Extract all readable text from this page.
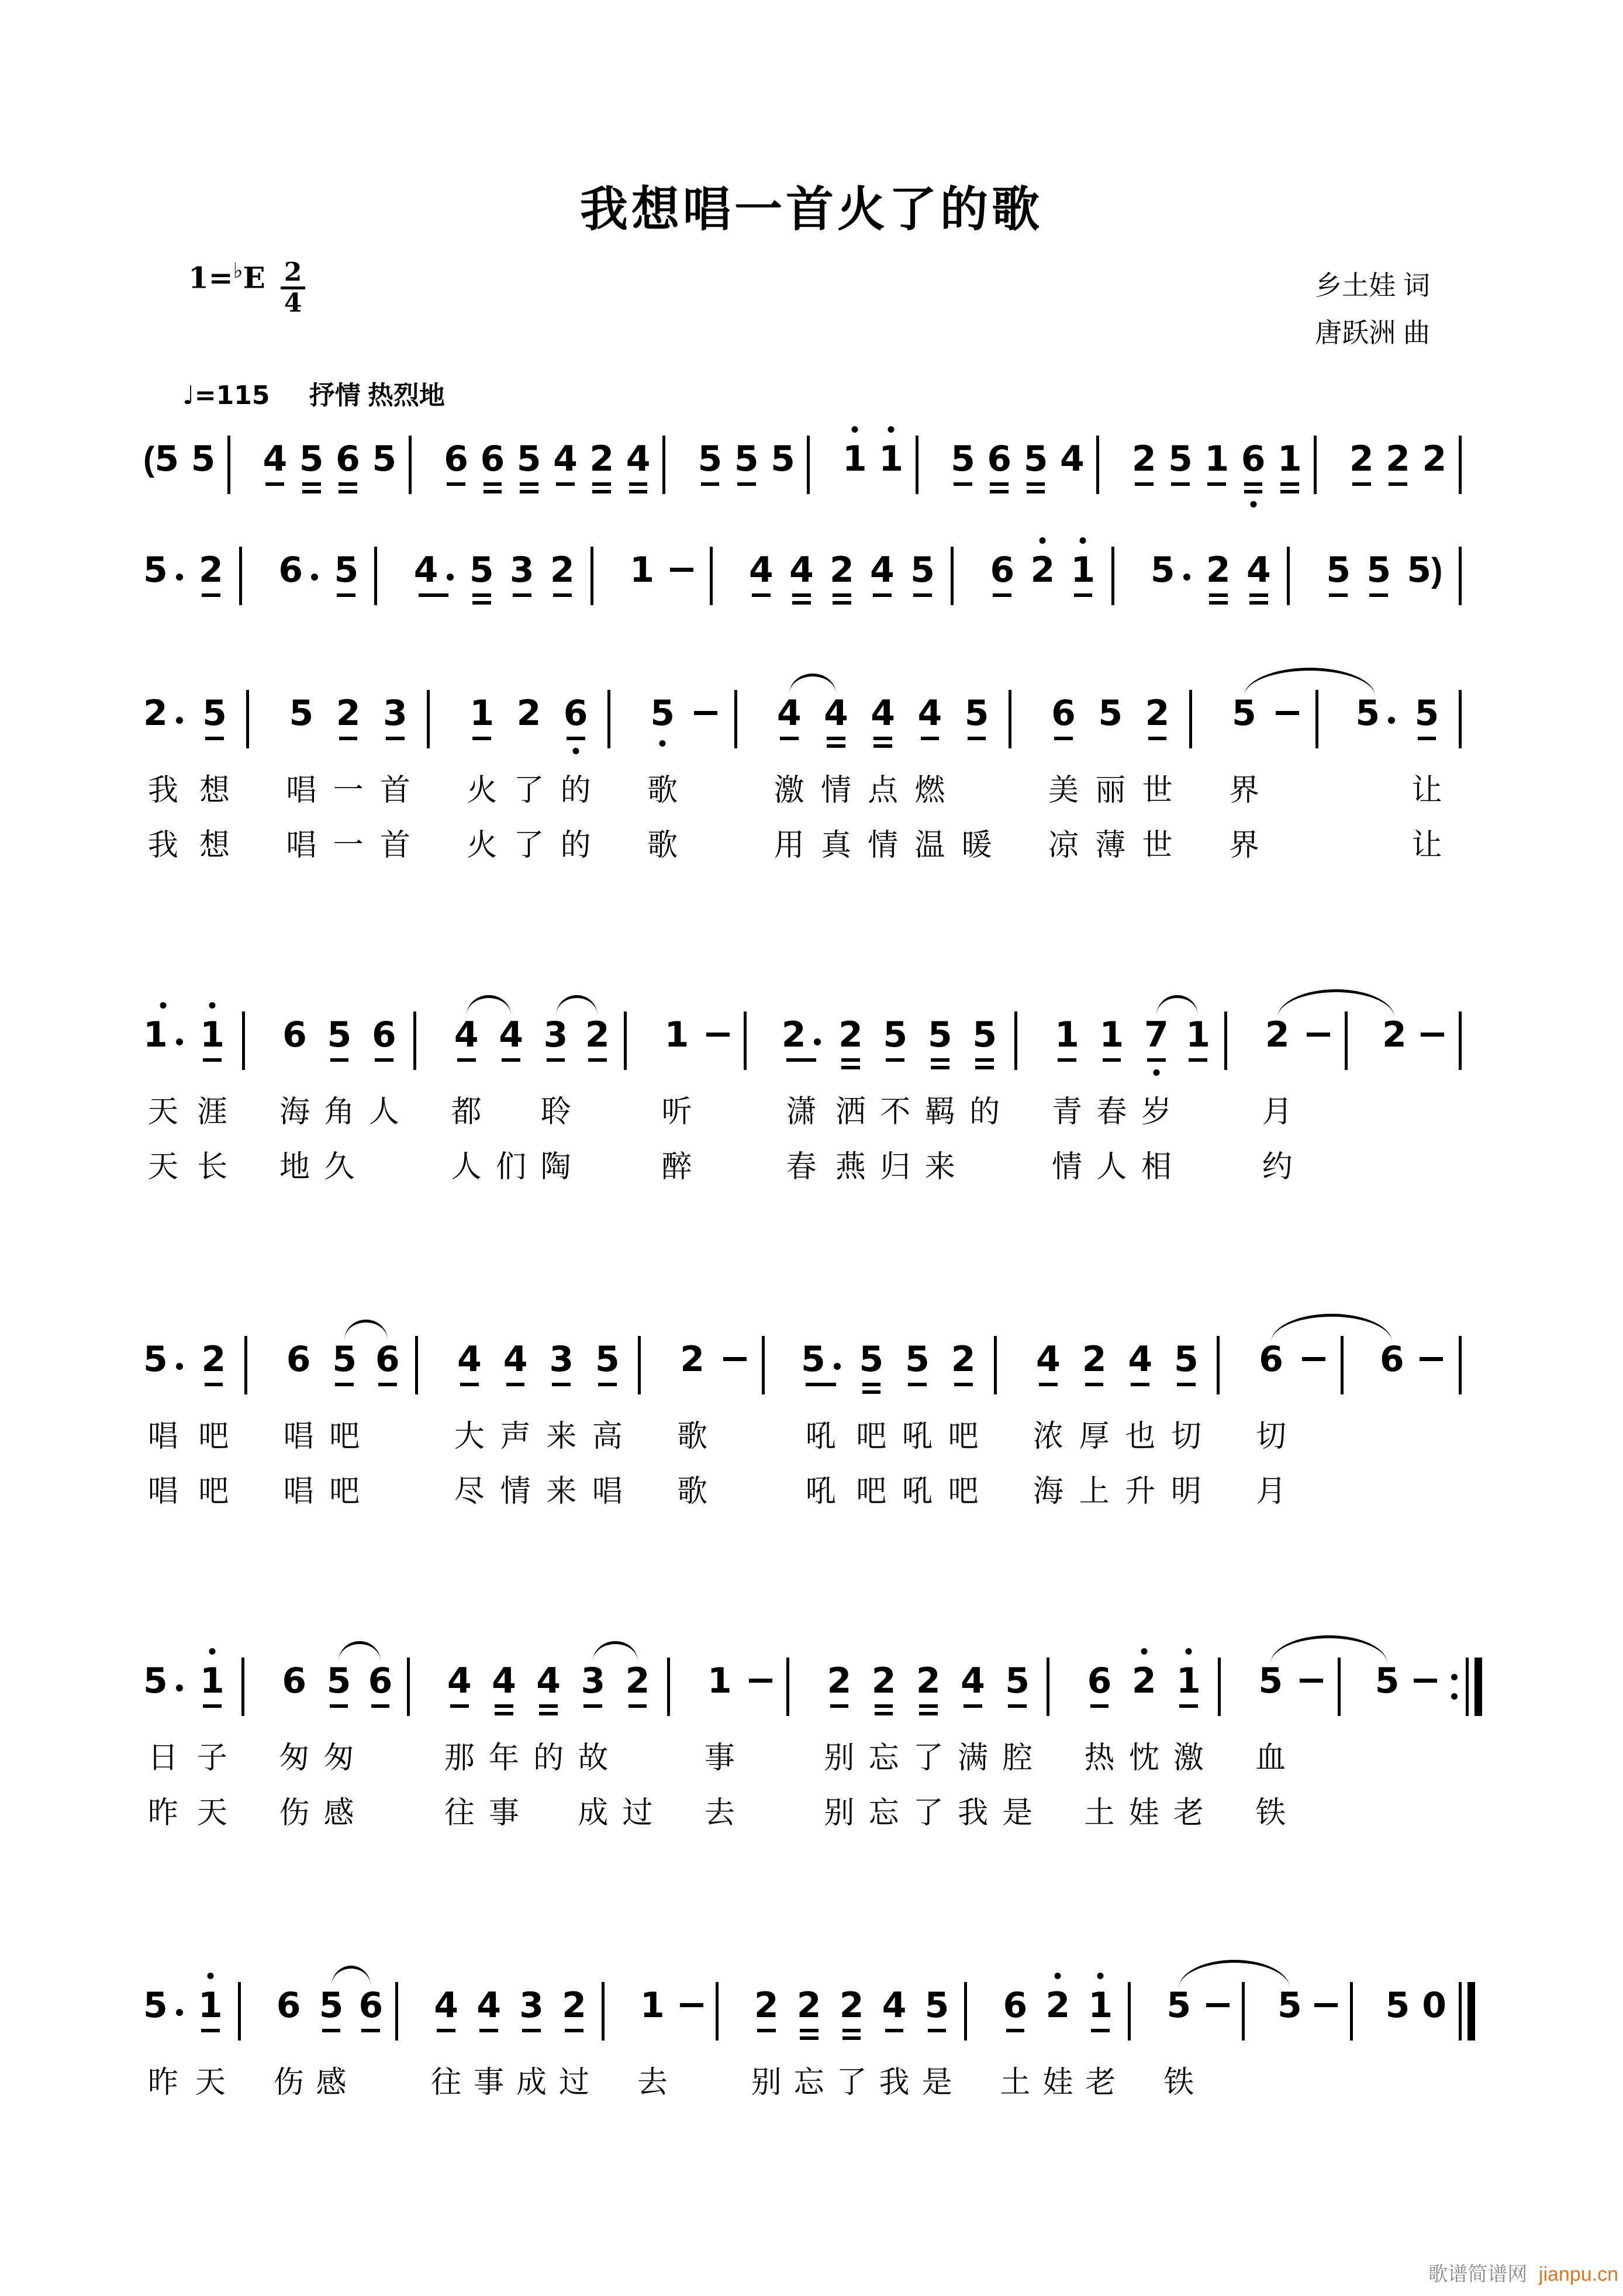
我想唱一首火了的歌
$1=^♭E \frac{2}{4}$	乡土娃 词
唐跃洲 曲
♩=115 抒情 热烈地
(5 5 4 5 6 5 6 6 5 4 2 4 5 5 5 1 1 5 6 5 4 2 5 1 6 1 2 2 2
5 2 6 5 4 5 3 2 1	4 4 2 4 5 6 2 1 5 2 4 5 5 5)
2
我
我
5
想
想
5
唱
唱
2
一
一
3
首
首
1
火
火
2
了
了
6
的
的
5
歌
歌
4
激
用
4
情
真
4
点
情
4
燃
温
5
暖
6
美
凉
5
丽
薄
2
世
世
5
界
界
5 5
让
让
1
天
天
1
涯
长
6
海
地
5
角
久
6
人
4
都
人
4
们
3
聆
陶
2 1
听
醉
2
潇
春
2
洒
燕
5
不
归
5
羁
来
5
的
1
青
情
1
春
人
7
岁
相
1 2
月
约
2
5
唱
唱
2
吧
吧
6
唱
唱
5
吧
吧
6 4
大
尽
4
声
情
3
来
来
5
高
唱
2
歌
歌
5
吼
吼
5
吧
吧
5
吼
吼
2
吧
吧
4
浓
海
2
厚
上
4
也
升
5
切
明
6
切
月
6
5
日
昨
1
子
天
6
匆
伤
5
匆
感
6 4
那
往
4
年
事
4
的
3
故
成
2
过
1
事
去
2
别
别
2
忘
忘
2
了
了
4
满
我
5
腔
是
6
热
土
2
忱
娃
1
激
老
5
血
铁
5
5
昨
1
天
6
伤
5
感
6 4
往
4
事
3
成
2
过
1
去
2
别
2
忘
2
了
4
我
5
是
6
土
2
娃
1
老
5
铁
5 5 0
歌谱简谱网 jianpu.cn
